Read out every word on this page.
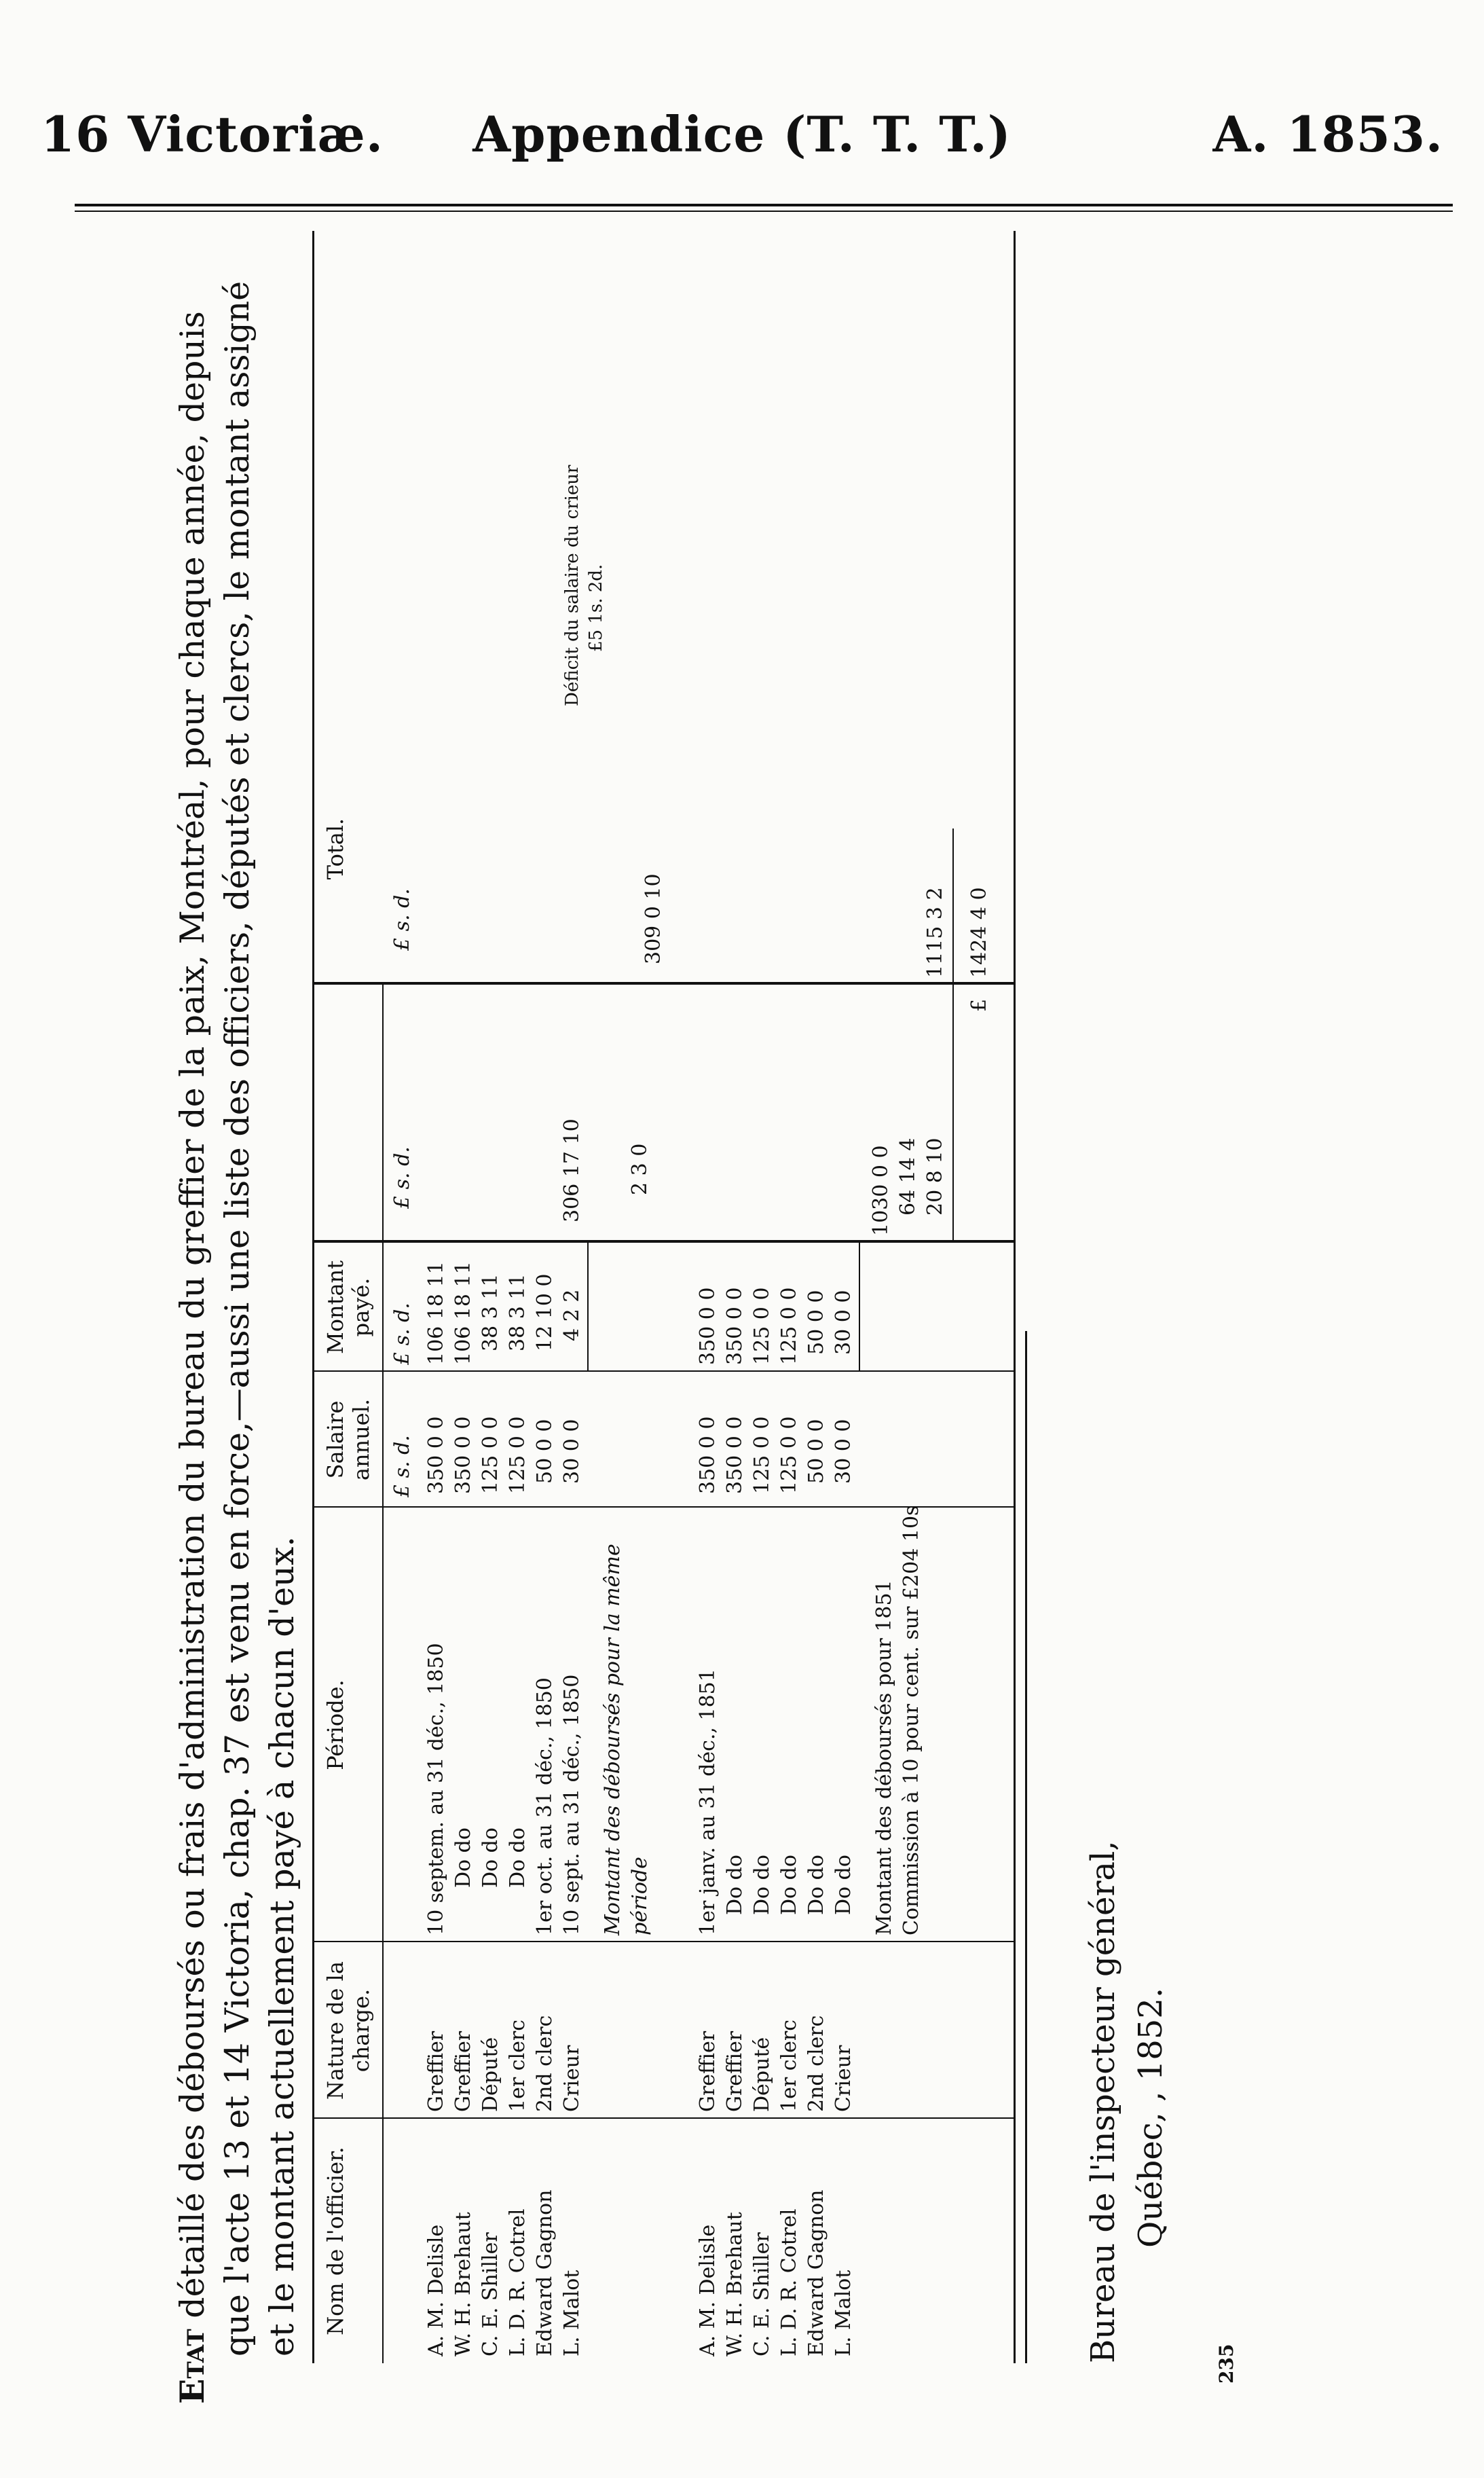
16 Victoriæ.	Appendice (T. T. T.)	A. 1853.

Etat détaillé des déboursés ou frais d'administration du bureau du greffier de la paix, Montréal, pour chaque année, depuis que l'acte 13 et 14 Victoria, chap. 37 est venu en force,—aussi une liste des officiers, députés et clercs, le montant assigné et le montant actuellement payé à chacun d'eux. Nom de l'officier.
Nature de la charge.
Période.
Salaire annuel.
Montant payé.
Total.
£ s. d.
£ s. d.
£ s. d.
£ s. d.
A. M. Delisle
Greffier
10 septem. au 31 déc., 1850
350 0 0
106 18 11
W. H. Brehaut
Greffier
Do do
350 0 0
106 18 11
C. E. Shiller
Député
Do do
125 0 0
38 3 11
L. D. R. Cotrel
1er clerc
Do do
125 0 0
38 3 11
Edward Gagnon
2nd clerc
1er oct. au 31 déc., 1850
50 0 0
12 10 0
L. Malot
Crieur
10 sept. au 31 déc., 1850
30 0 0
4 2 2
306 17 10
Montant des déboursés pour la même période
2 3 0
309 0 10
Déficit du salaire du crieur £5 1s. 2d.
A. M. Delisle
Greffier
1er janv. au 31 déc., 1851
350 0 0
350 0 0
W. H. Brehaut
Greffier
Do do
350 0 0
350 0 0
C. E. Shiller
Député
Do do
125 0 0
125 0 0
L. D. R. Cotrel
1er clerc
Do do
125 0 0
125 0 0
Edward Gagnon
2nd clerc
Do do
50 0 0
50 0 0
L. Malot
Crieur
Do do
30 0 0
30 0 0
1030 0 0
Montant des déboursés pour 1851
64 14 4
Commission à 10 pour cent. sur £204 10s
20 8 10
1115 3 2
£
1424 4 0
Bureau de l'inspecteur général, Québec, , 1852.
235
